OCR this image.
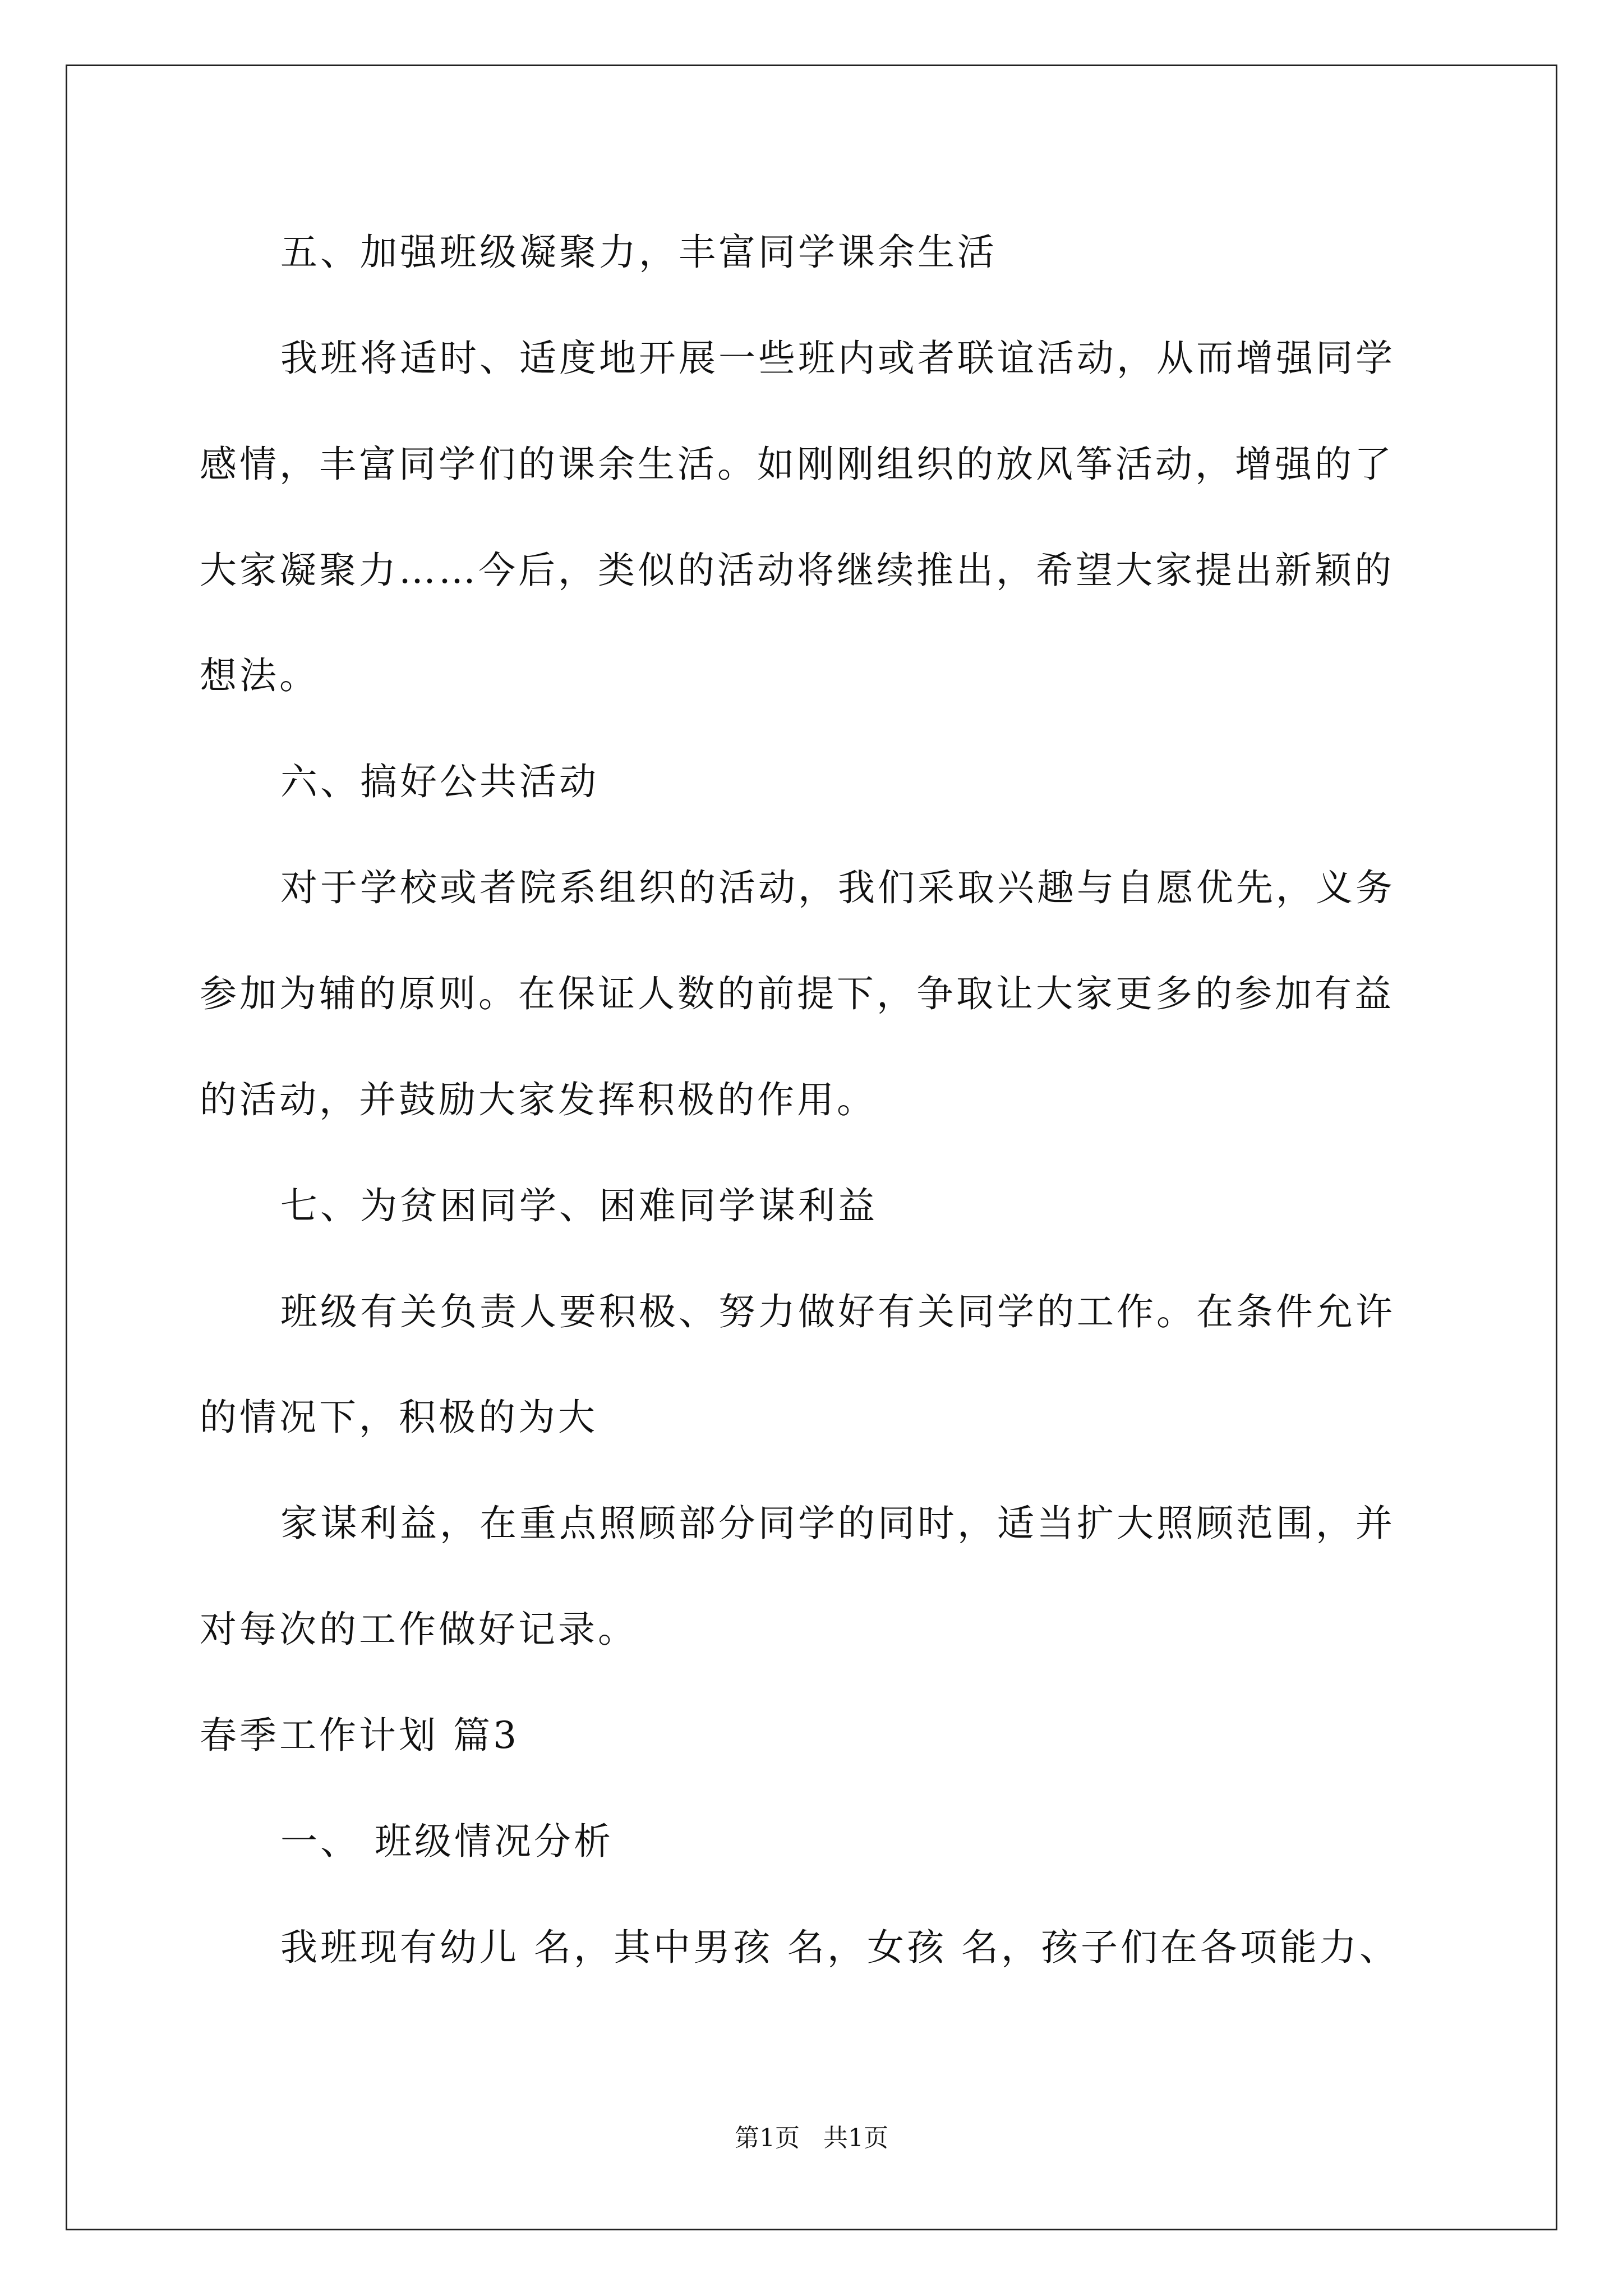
五、加强班级凝聚力，丰富同学课余生活
我班将适时、适度地开展一些班内或者联谊活动，从而增强同学
感情，丰富同学们的课余生活。如刚刚组织的放风筝活动，增强的了
大家凝聚力……今后，类似的活动将继续推出，希望大家提出新颖的
想法。
六、搞好公共活动
对于学校或者院系组织的活动，我们采取兴趣与自愿优先，义务
参加为辅的原则。在保证人数的前提下，争取让大家更多的参加有益
的活动，并鼓励大家发挥积极的作用。
七、为贫困同学、困难同学谋利益
班级有关负责人要积极、努力做好有关同学的工作。在条件允许
的情况下，积极的为大
家谋利益，在重点照顾部分同学的同时，适当扩大照顾范围，并
对每次的工作做好记录。
春季工作计划 篇3
一、 班级情况分析
我班现有幼儿 名，其中男孩 名，女孩 名，孩子们在各项能力、
第1页   共1页
